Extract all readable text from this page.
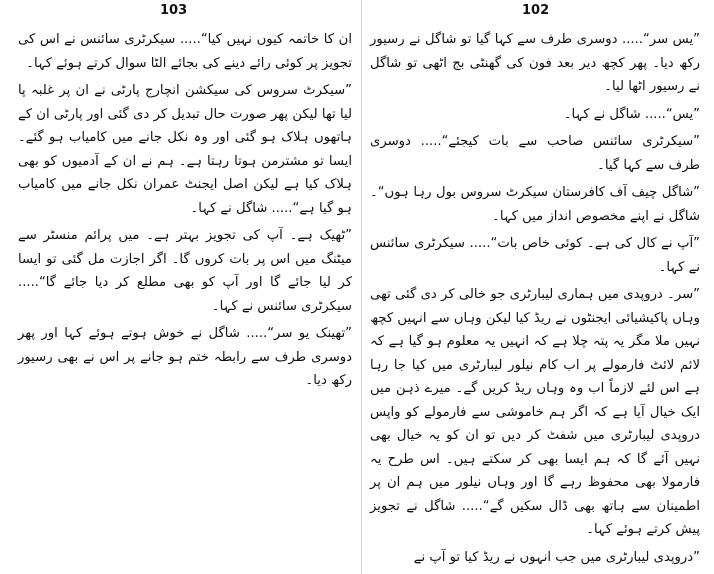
103

ان کا خاتمہ کیوں نہیں کیا“..... سیکرٹری سائنس نے اس کی تجویز پر کوئی رائے دینے کی بجائے الٹا سوال کرتے ہوئے کہا۔

”سیکرٹ سروس کی سیکشن انچارج پارٹی نے ان پر غلبہ پا لیا تھا لیکن پھر صورت حال تبدیل کر دی گئی اور پارٹی ان کے ہاتھوں ہلاک ہو گئی اور وہ نکل جانے میں کامیاب ہو گئے۔ ایسا تو مشترمن ہوتا رہتا ہے۔ ہم نے ان کے آدمیوں کو بھی ہلاک کیا ہے لیکن اصل ایجنٹ عمران نکل جانے میں کامیاب ہو گیا ہے“..... شاگل نے کہا۔

”ٹھیک ہے۔ آپ کی تجویز بہتر ہے۔ میں پرائم منسٹر سے میٹنگ میں اس پر بات کروں گا۔ اگر اجازت مل گئی تو ایسا کر لیا جائے گا اور آپ کو بھی مطلع کر دیا جائے گا“..... سیکرٹری سائنس نے کہا۔

”تھینک یو سر“..... شاگل نے خوش ہوتے ہوئے کہا اور پھر دوسری طرف سے رابطہ ختم ہو جانے پر اس نے بھی رسیور رکھ دیا۔

102

”یس سر“..... دوسری طرف سے کہا گیا تو شاگل نے رسیور رکھ دیا۔ پھر کچھ دیر بعد فون کی گھنٹی بج اٹھی تو شاگل نے رسیور اٹھا لیا۔

”یس“..... شاگل نے کہا۔

”سیکرٹری سائنس صاحب سے بات کیجئے“..... دوسری طرف سے کہا گیا۔

”شاگل چیف آف کافرستان سیکرٹ سروس بول رہا ہوں“۔ شاگل نے اپنے مخصوص انداز میں کہا۔

”آپ نے کال کی ہے۔ کوئی خاص بات“..... سیکرٹری سائنس نے کہا۔

”سر۔ دروپدی میں ہماری لیبارٹری جو خالی کر دی گئی تھی وہاں پاکیشیائی ایجنٹوں نے ریڈ کیا لیکن وہاں سے انہیں کچھ نہیں ملا مگر یہ پتہ چلا ہے کہ انہیں یہ معلوم ہو گیا ہے کہ لائم لائٹ فارمولے پر اب کام نیلور لیبارٹری میں کیا جا رہا ہے اس لئے لازماً اب وہ وہاں ریڈ کریں گے۔ میرے ذہن میں ایک خیال آیا ہے کہ اگر ہم خاموشی سے فارمولے کو واپس دروپدی لیبارٹری میں شفٹ کر دیں تو ان کو یہ خیال بھی نہیں آئے گا کہ ہم ایسا بھی کر سکتے ہیں۔ اس طرح یہ فارمولا بھی محفوظ رہے گا اور وہاں نیلور میں ہم ان پر اطمینان سے ہاتھ بھی ڈال سکیں گے“..... شاگل نے تجویز پیش کرتے ہوئے کہا۔

”دروپدی لیبارٹری میں جب انہوں نے ریڈ کیا تو آپ نے
